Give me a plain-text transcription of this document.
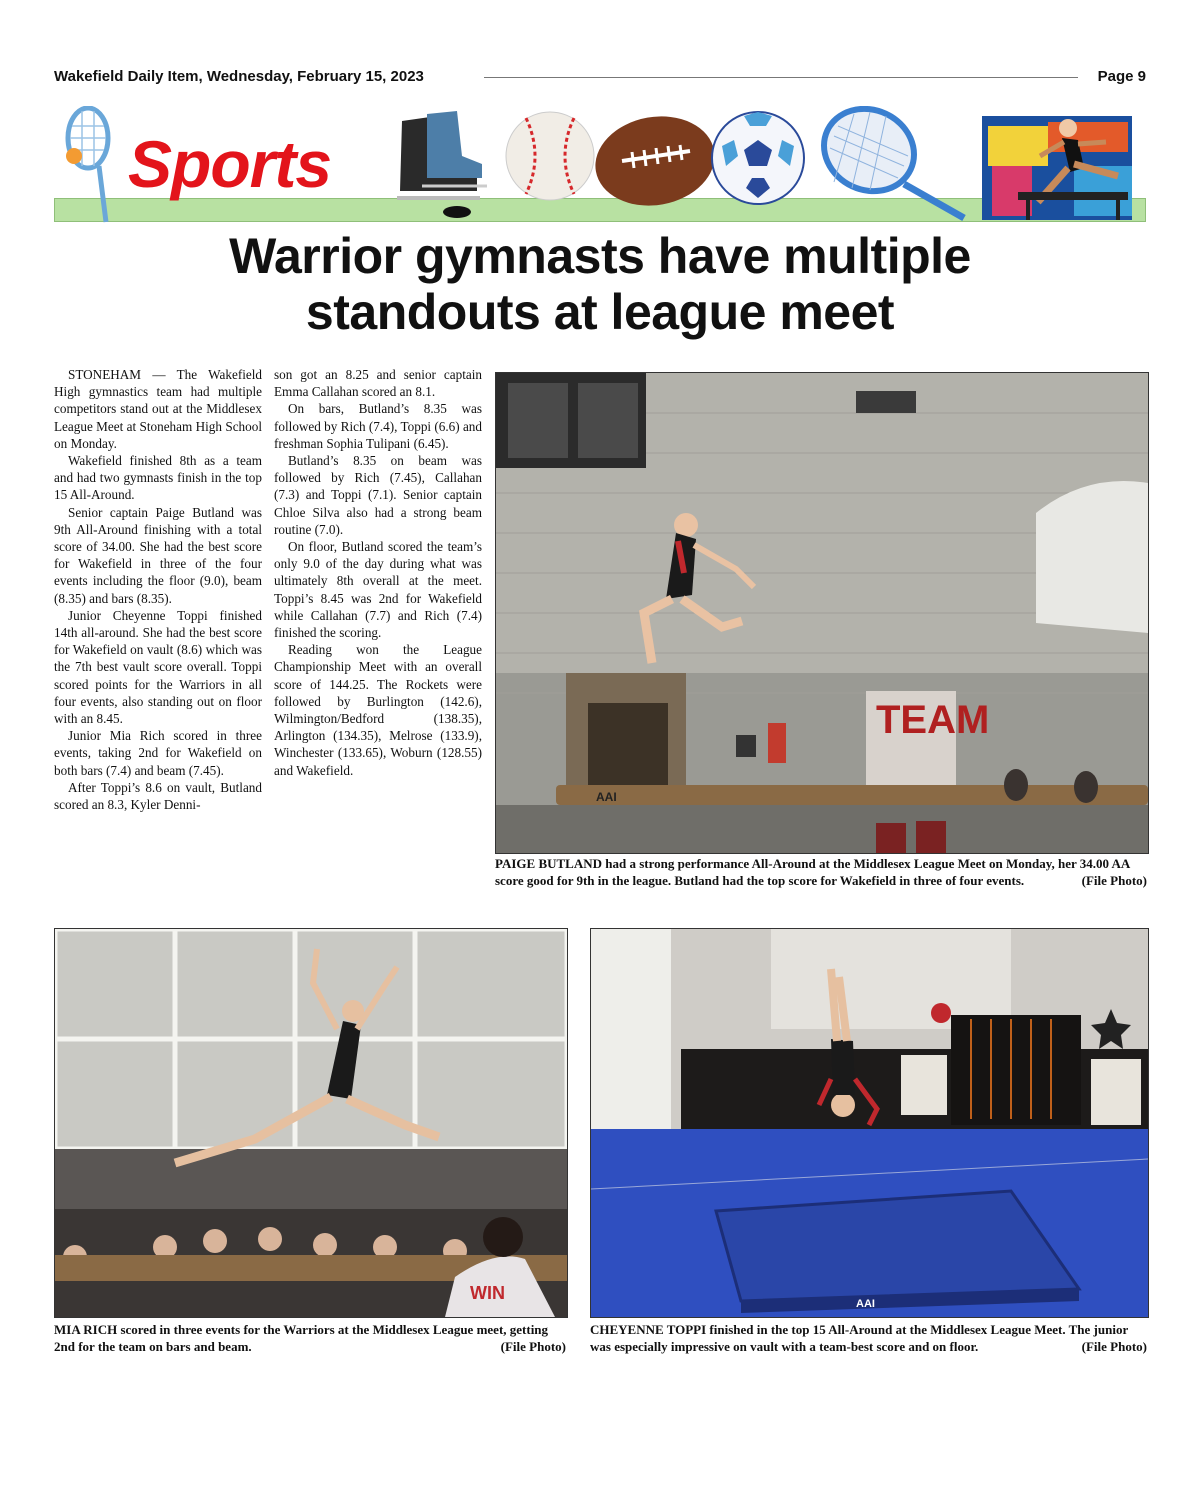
Wakefield Daily Item, Wednesday, February 15, 2023	Page 9
Sports
Warrior gymnasts have multiple
standouts at league meet

STONEHAM — The Wakefield High gymnastics team had multiple competitors stand out at the Middlesex League Meet at Stoneham High School on Monday.

Wakefield finished 8th as a team and had two gymnasts finish in the top 15 All-Around.

Senior captain Paige Butland was 9th All-Around finishing with a total score of 34.00. She had the best score for Wakefield in three of the four events including the floor (9.0), beam (8.35) and bars (8.35).

Junior Cheyenne Toppi finished 14th all-around. She had the best score for Wakefield on vault (8.6) which was the 7th best vault score overall. Toppi scored points for the Warriors in all four events, also standing out on floor with an 8.45.

Junior Mia Rich scored in three events, taking 2nd for Wakefield on both bars (7.4) and beam (7.45).

After Toppi’s 8.6 on vault, Butland scored an 8.3, Kyler Denni-

son got an 8.25 and senior captain Emma Callahan scored an 8.1.

On bars, Butland’s 8.35 was followed by Rich (7.4), Toppi (6.6) and freshman Sophia Tulipani (6.45).

Butland’s 8.35 on beam was followed by Rich (7.45), Callahan (7.3) and Toppi (7.1). Senior captain Chloe Silva also had a strong beam routine (7.0).

On floor, Butland scored the team’s only 9.0 of the day during what was ultimately 8th overall at the meet. Toppi’s 8.45 was 2nd for Wakefield while Callahan (7.7) and Rich (7.4) finished the scoring.

Reading won the League Championship Meet with an overall score of 144.25. The Rockets were followed by Burlington (142.6), Wilmington/Bedford (138.35), Arlington (134.35), Melrose (133.9), Winchester (133.65), Woburn (128.55) and Wakefield.

TEAM
AAI
PAIGE BUTLAND had a strong performance All-Around at the Middlesex League Meet on Monday, her 34.00 AA score good for 9th in the league. Butland had the top score for Wakefield in three of four events.	(File Photo)
WIN
MIA RICH scored in three events for the Warriors at the Middlesex League meet, getting 2nd for the team on bars and beam.	(File Photo)
AAI
CHEYENNE TOPPI finished in the top 15 All-Around at the Middlesex League Meet. The junior was especially impressive on vault with a team-best score and on floor.	(File Photo)
